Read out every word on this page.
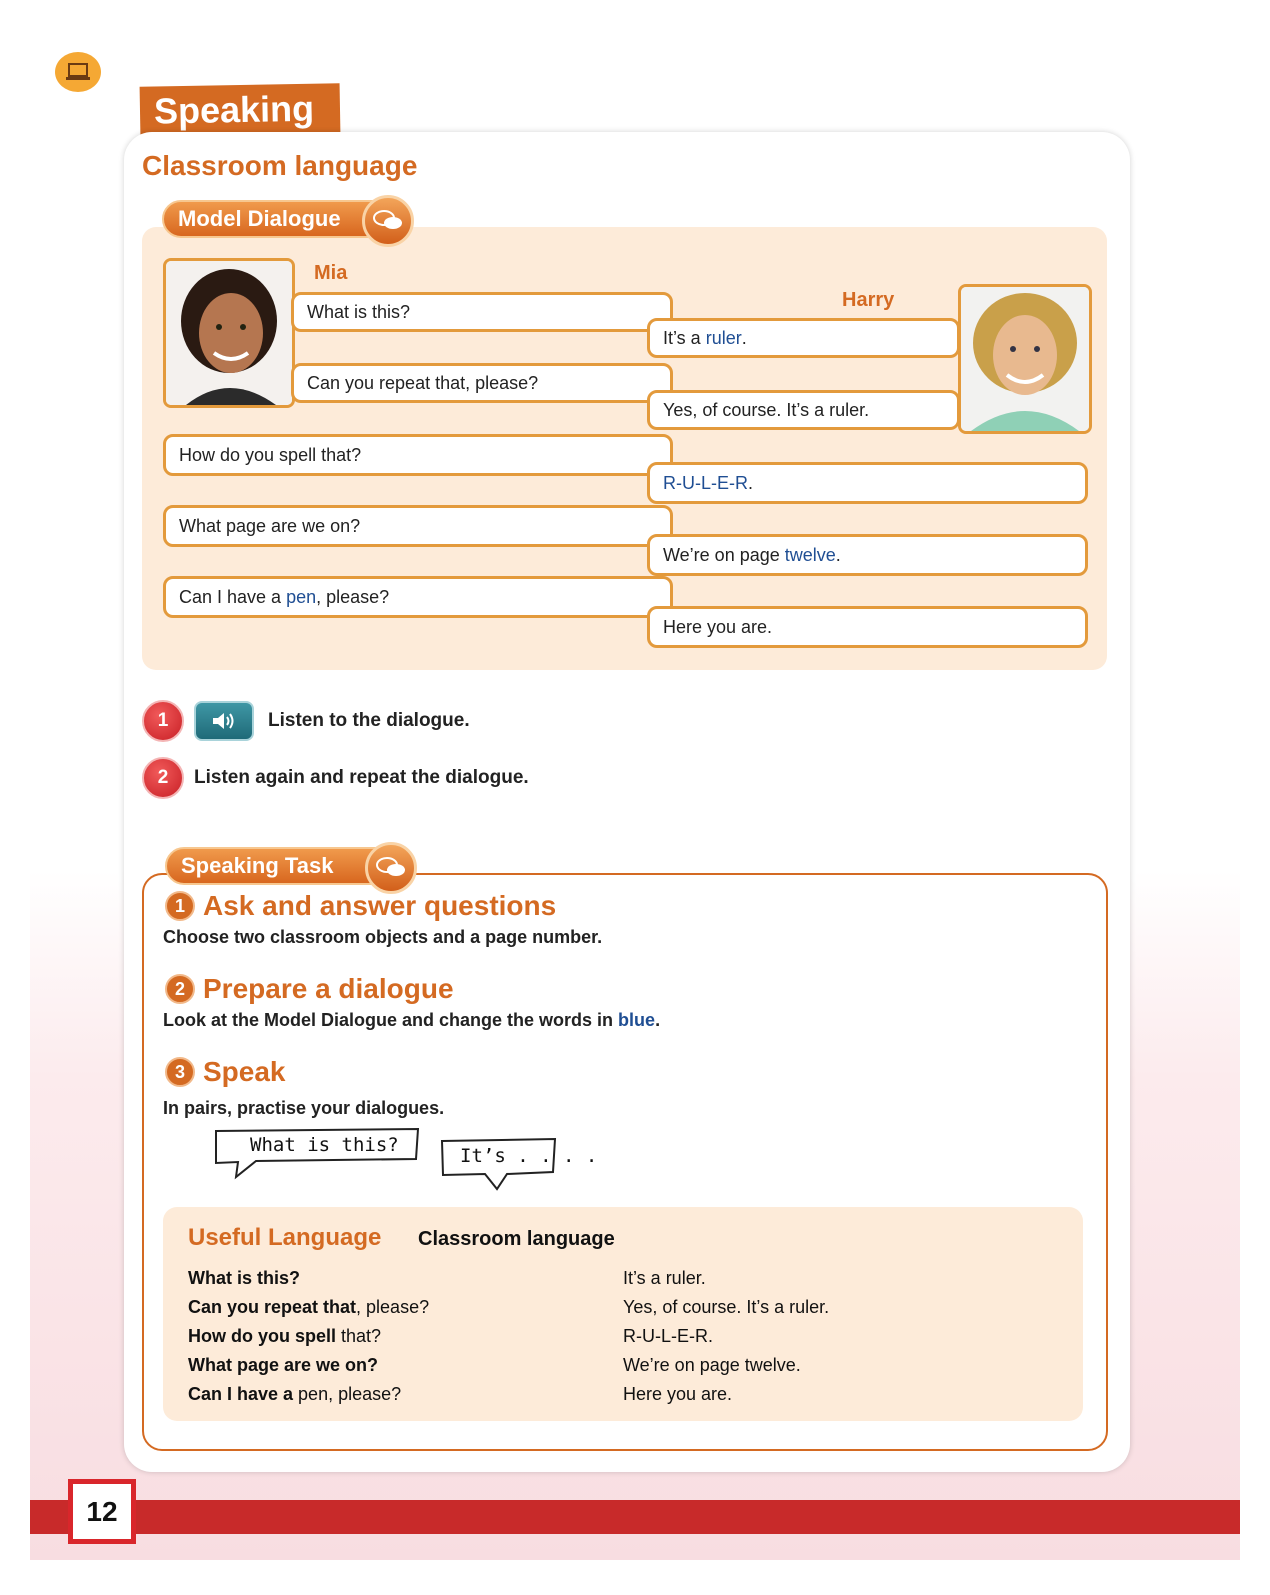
12
Speaking
Classroom language
Model Dialogue
Mia
Harry
What is this?
It’s a ruler .
Can you repeat that, please?
Yes, of course. It’s a ruler.
How do you spell that?
R-U-L-E-R .
What page are we on?
We’re on page twelve .
Can I have a pen , please?
Here you are.
1	Listen to the dialogue.
2	Listen again and repeat the dialogue.
Speaking Task
1 Ask and answer questions
Choose two classroom objects and a page number.
2 Prepare a dialogue
Look at the Model Dialogue and change the words in blue.
3 Speak
In pairs, practise your dialogues.
What is this?	It’s . . . .
Useful Language Classroom language
What is this?	It’s a ruler.
Can you repeat that, please?	Yes, of course. It’s a ruler.
How do you spell that?	R-U-L-E-R.
What page are we on?	We’re on page twelve.
Can I have a pen, please?	Here you are.
